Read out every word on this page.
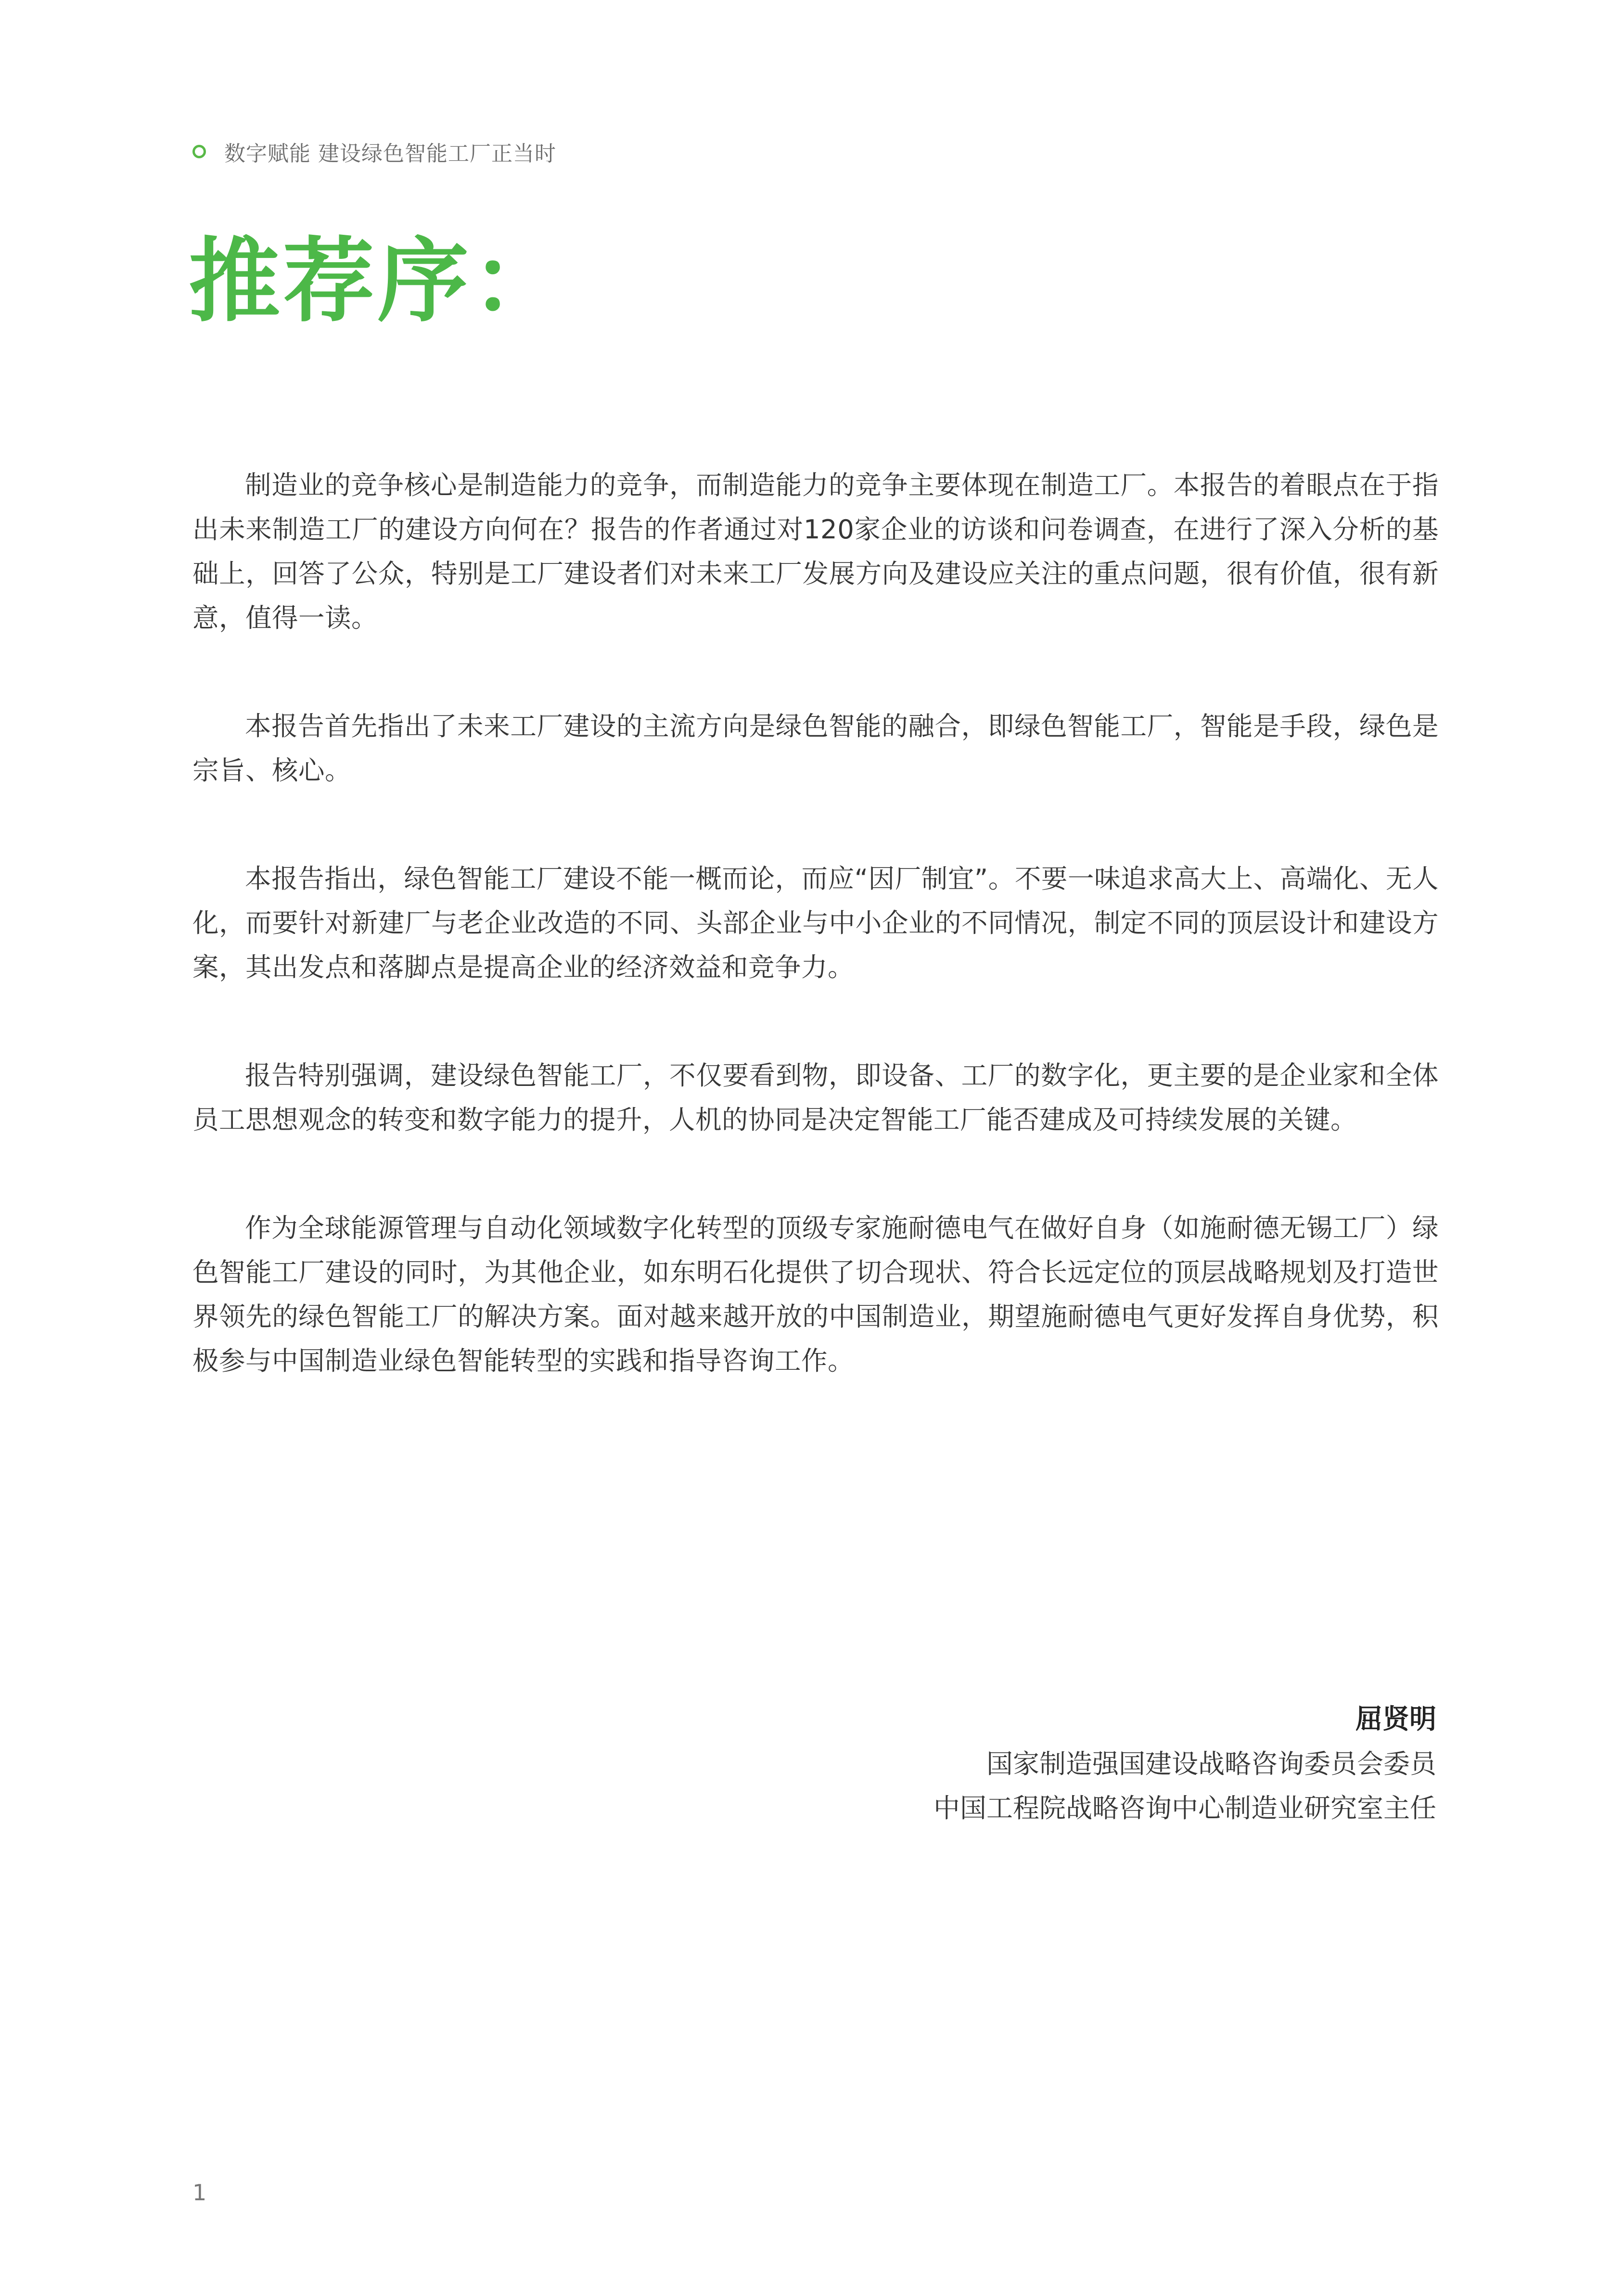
数字赋能 建设绿色智能工厂正当时
推荐序：

制造业的竞争核心是制造能力的竞争，而制造能力的竞争主要体现在制造工厂。本报告的着眼点在于指出未来制造工厂的建设方向何在？报告的作者通过对120家企业的访谈和问卷调查，在进行了深入分析的基础上，回答了公众，特别是工厂建设者们对未来工厂发展方向及建设应关注的重点问题，很有价值，很有新意，值得一读。

本报告首先指出了未来工厂建设的主流方向是绿色智能的融合，即绿色智能工厂，智能是手段，绿色是宗旨、核心。

本报告指出，绿色智能工厂建设不能一概而论，而应“因厂制宜”。不要一味追求高大上、高端化、无人化，而要针对新建厂与老企业改造的不同、头部企业与中小企业的不同情况，制定不同的顶层设计和建设方案，其出发点和落脚点是提高企业的经济效益和竞争力。

报告特别强调，建设绿色智能工厂，不仅要看到物，即设备、工厂的数字化，更主要的是企业家和全体员工思想观念的转变和数字能力的提升，人机的协同是决定智能工厂能否建成及可持续发展的关键。

作为全球能源管理与自动化领域数字化转型的顶级专家施耐德电气在做好自身（如施耐德无锡工厂）绿色智能工厂建设的同时，为其他企业，如东明石化提供了切合现状、符合长远定位的顶层战略规划及打造世界领先的绿色智能工厂的解决方案。面对越来越开放的中国制造业，期望施耐德电气更好发挥自身优势，积极参与中国制造业绿色智能转型的实践和指导咨询工作。

屈贤明
国家制造强国建设战略咨询委员会委员
中国工程院战略咨询中心制造业研究室主任
1
